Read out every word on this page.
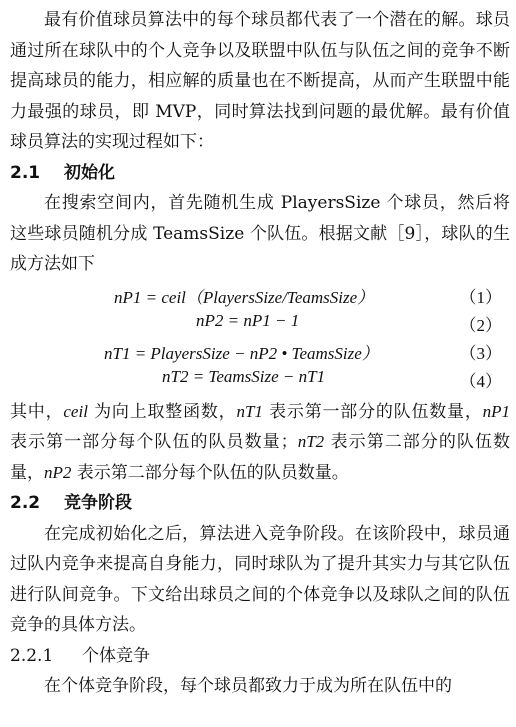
最有价值球员算法中的每个球员都代表了一个潜在的解。球员通过所在球队中的个人竞争以及联盟中队伍与队伍之间的竞争不断提高球员的能力，相应解的质量也在不断提高，从而产生联盟中能力最强的球员，即 MVP，同时算法找到问题的最优解。最有价值球员算法的实现过程如下：

2.1 初始化

在搜索空间内，首先随机生成 PlayersSize 个球员，然后将这些球员随机分成 TeamsSize 个队伍。根据文献［9］，球队的生成方法如下

nP1 = ceil（PlayersSize/TeamsSize）	（1）
nP2 = nP1 − 1	（2）
nT1 = PlayersSize − nP2 • TeamsSize）	（3）
nT2 = TeamsSize − nT1	（4）

其中，ceil 为向上取整函数，nT1 表示第一部分的队伍数量，nP1 表示第一部分每个队伍的队员数量；nT2 表示第二部分的队伍数量，nP2 表示第二部分每个队伍的队员数量。

2.2 竞争阶段

在完成初始化之后，算法进入竞争阶段。在该阶段中，球员通过队内竞争来提高自身能力，同时球队为了提升其实力与其它队伍进行队间竞争。下文给出球员之间的个体竞争以及球队之间的队伍竞争的具体方法。

2.2.1 个体竞争

在个体竞争阶段，每个球员都致力于成为所在队伍中的
